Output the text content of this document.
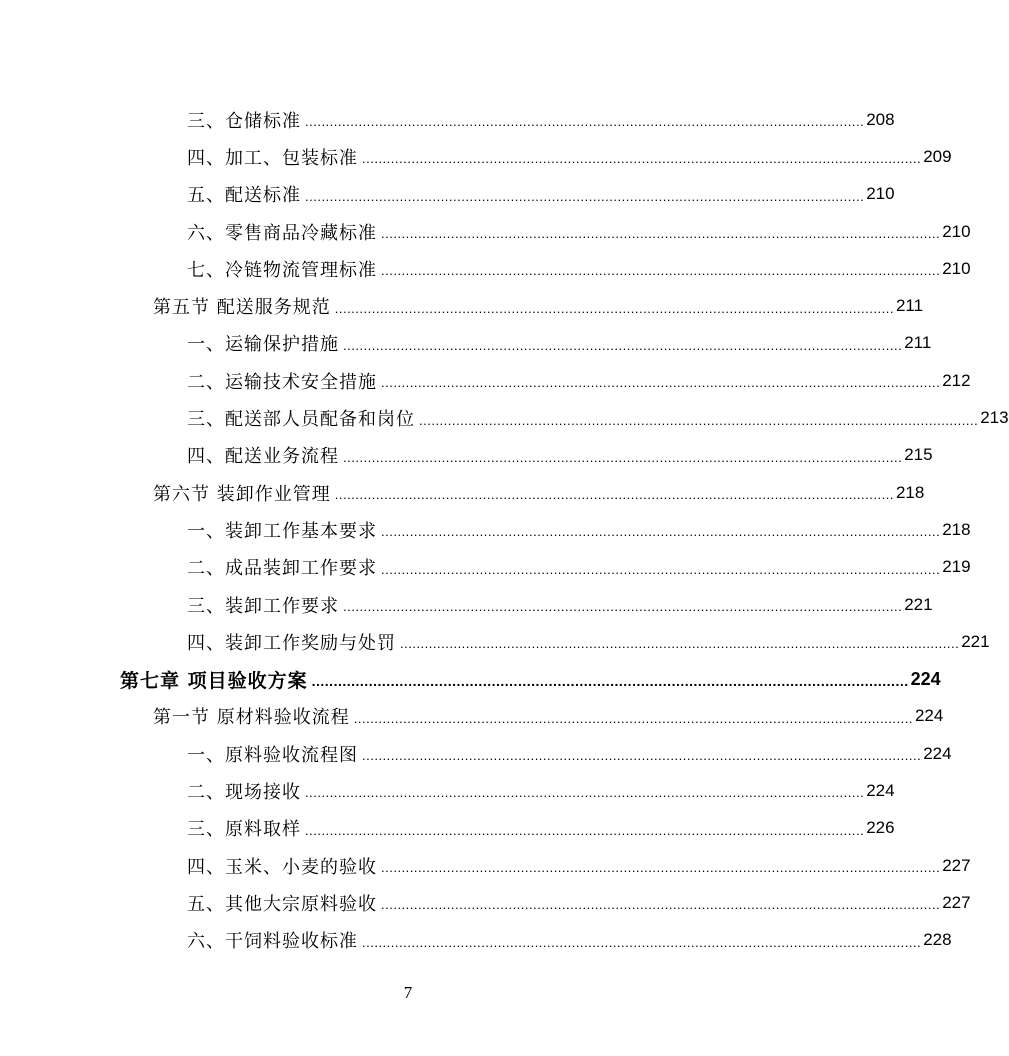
三、仓储标准 ........................................................................................................................................ 208
四、加工、包装标准 ........................................................................................................................................ 209
五、配送标准 ........................................................................................................................................ 210
六、零售商品冷藏标准 ........................................................................................................................................ 210
七、冷链物流管理标准 ........................................................................................................................................ 210
第五节 配送服务规范 ........................................................................................................................................ 211
一、运输保护措施 ........................................................................................................................................ 211
二、运输技术安全措施 ........................................................................................................................................ 212
三、配送部人员配备和岗位 ........................................................................................................................................ 213
四、配送业务流程 ........................................................................................................................................ 215
第六节 装卸作业管理 ........................................................................................................................................ 218
一、装卸工作基本要求 ........................................................................................................................................ 218
二、成品装卸工作要求 ........................................................................................................................................ 219
三、装卸工作要求 ........................................................................................................................................ 221
四、装卸工作奖励与处罚 ........................................................................................................................................ 221
第七章 项目验收方案 ........................................................................................................................................ 224
第一节 原材料验收流程 ........................................................................................................................................ 224
一、原料验收流程图 ........................................................................................................................................ 224
二、现场接收 ........................................................................................................................................ 224
三、原料取样 ........................................................................................................................................ 226
四、玉米、小麦的验收 ........................................................................................................................................ 227
五、其他大宗原料验收 ........................................................................................................................................ 227
六、干饲料验收标准 ........................................................................................................................................ 228
7
